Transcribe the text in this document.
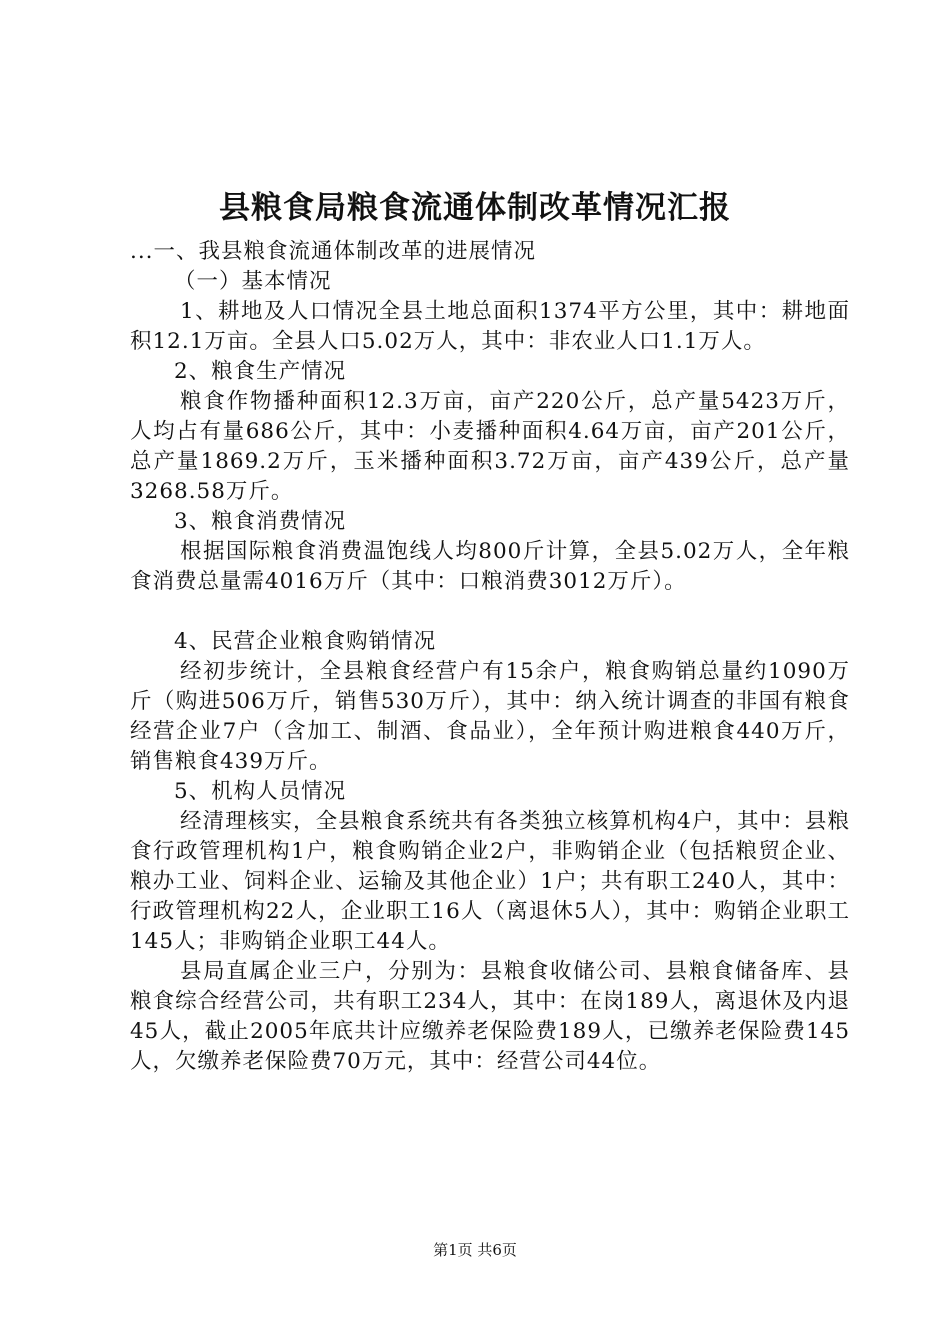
县粮食局粮食流通体制改革情况汇报

...一、我县粮食流通体制改革的进展情况

（一）基本情况

1、耕地及人口情况全县土地总面积1374平方公里，其中：耕地面积12.1万亩。全县人口5.02万人，其中：非农业人口1.1万人。

2、粮食生产情况

粮食作物播种面积12.3万亩，亩产220公斤，总产量5423万斤，人均占有量686公斤，其中：小麦播种面积4.64万亩，亩产201公斤，总产量1869.2万斤，玉米播种面积3.72万亩，亩产439公斤，总产量3268.58万斤。

3、粮食消费情况

根据国际粮食消费温饱线人均800斤计算，全县5.02万人，全年粮食消费总量需4016万斤（其中：口粮消费3012万斤）。

4、民营企业粮食购销情况

经初步统计，全县粮食经营户有15余户，粮食购销总量约1090万斤（购进506万斤，销售530万斤），其中：纳入统计调查的非国有粮食经营企业7户（含加工、制酒、食品业），全年预计购进粮食440万斤，销售粮食439万斤。

5、机构人员情况

经清理核实，全县粮食系统共有各类独立核算机构4户，其中：县粮食行政管理机构1户，粮食购销企业2户，非购销企业（包括粮贸企业、粮办工业、饲料企业、运输及其他企业）1户；共有职工240人，其中：行政管理机构22人，企业职工16人（离退休5人），其中：购销企业职工145人；非购销企业职工44人。

县局直属企业三户，分别为：县粮食收储公司、县粮食储备库、县粮食综合经营公司，共有职工234人，其中：在岗189人，离退休及内退45人，截止2005年底共计应缴养老保险费189人，已缴养老保险费145人，欠缴养老保险费70万元，其中：经营公司44位。

第1页 共6页
